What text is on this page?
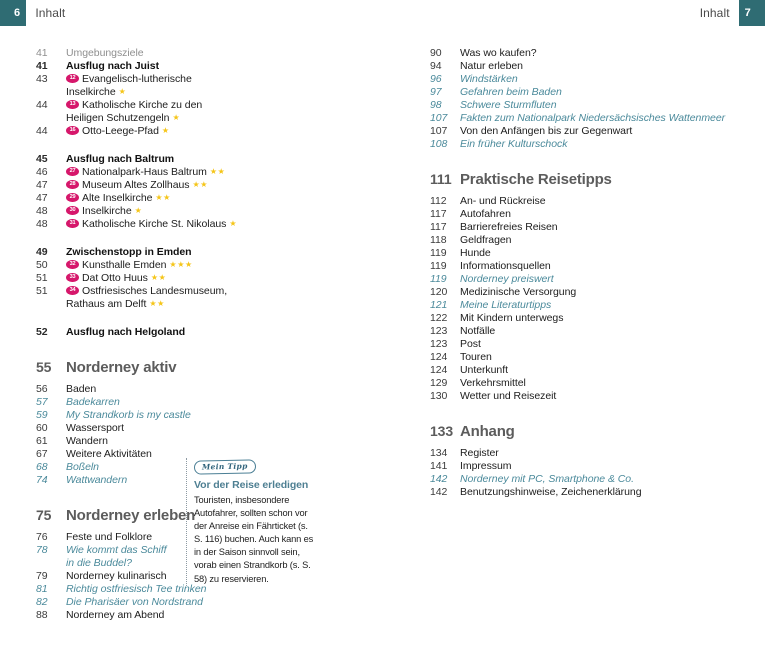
6	Inhalt	Inhalt	7
41	Umgebungsziele
41	Ausflug nach Juist
43	12 Evangelisch-lutherische
Inselkirche ★
44	13 Katholische Kirche zu den
Heiligen Schutzengeln ★
44	16 Otto-Leege-Pfad ★
45	Ausflug nach Baltrum
46	27 Nationalpark-Haus Baltrum ★★
47	28 Museum Altes Zollhaus ★★
47	29 Alte Inselkirche ★★
48	30 Inselkirche ★
48	31 Katholische Kirche St. Nikolaus ★
49	Zwischenstopp in Emden
50	32 Kunsthalle Emden ★★★
51	33 Dat Otto Huus ★★
51	34 Ostfriesisches Landesmuseum,
Rathaus am Delft ★★
52	Ausflug nach Helgoland
55 Norderney aktiv
56	Baden
57	Badekarren
59	My Strandkorb is my castle
60	Wassersport
61	Wandern
67	Weitere Aktivitäten
68	Boßeln
74	Wattwandern
75 Norderney erleben
76	Feste und Folklore
78	Wie kommt das Schiff
in die Buddel?
79	Norderney kulinarisch
81	Richtig ostfriesisch Tee trinken
82	Die Pharisäer von Nordstrand
88	Norderney am Abend
90	Was wo kaufen?
94	Natur erleben
96	Windstärken
97	Gefahren beim Baden
98	Schwere Sturmfluten
107	Fakten zum Nationalpark Niedersächsisches Wattenmeer
107	Von den Anfängen bis zur Gegenwart
108	Ein früher Kulturschock
111 Praktische Reisetipps
112	An- und Rückreise
117	Autofahren
117	Barrierefreies Reisen
118	Geldfragen
119	Hunde
119	Informationsquellen
119	Norderney preiswert
120	Medizinische Versorgung
121	Meine Literaturtipps
122	Mit Kindern unterwegs
123	Notfälle
123	Post
124	Touren
124	Unterkunft
129	Verkehrsmittel
130	Wetter und Reisezeit
133 Anhang
134	Register
141	Impressum
142	Norderney mit PC, Smartphone & Co.
142	Benutzungshinweise, Zeichenerklärung
Mein Tipp
Vor der Reise erledigen
Touristen, insbesondere Autofahrer, sollten schon vor der Anreise ein Fährticket (s. S. 116) buchen. Auch kann es in der Saison sinnvoll sein, vorab einen Strandkorb (s. S. 58) zu reservieren.
